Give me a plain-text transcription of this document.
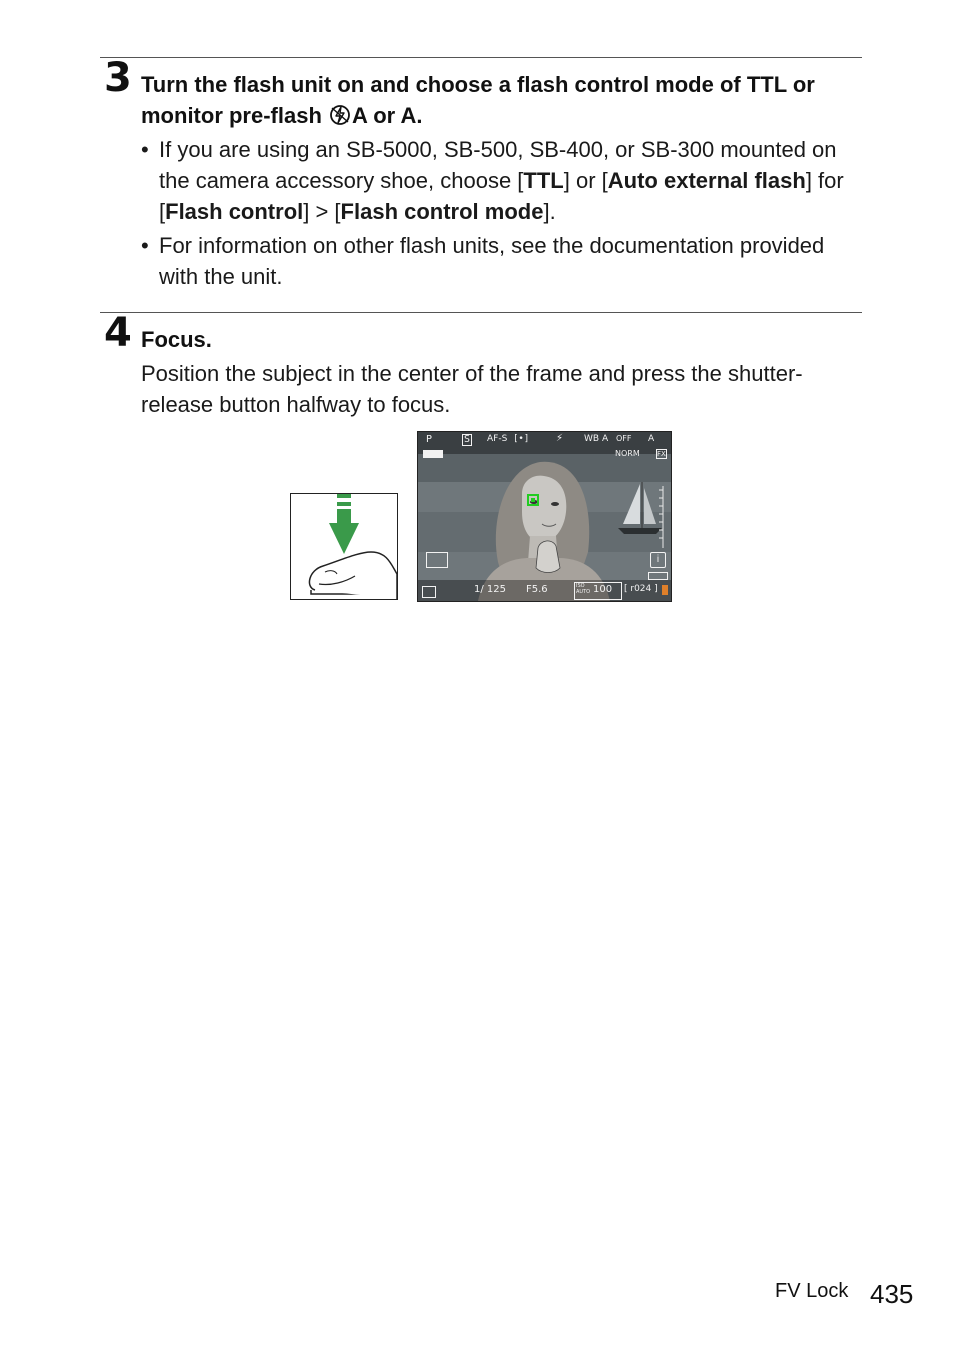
3 Turn the flash unit on and choose a flash control mode of TTL or monitor pre-flash A or A.
• If you are using an SB-5000, SB-500, SB-400, or SB-300 mounted on the camera accessory shoe, choose [TTL] or [Auto external flash] for [Flash control] > [Flash control mode].
• For information on other flash units, see the documentation provided with the unit.
4 Focus.
Position the subject in the center of the frame and press the shutter-release button halfway to focus.
P	S AF-S [•]	⚡ WB A OFF A
NORM FX
i
1/ 125 F5.6	ISO AUTO 100 [ r024 ]
FV Lock 435
